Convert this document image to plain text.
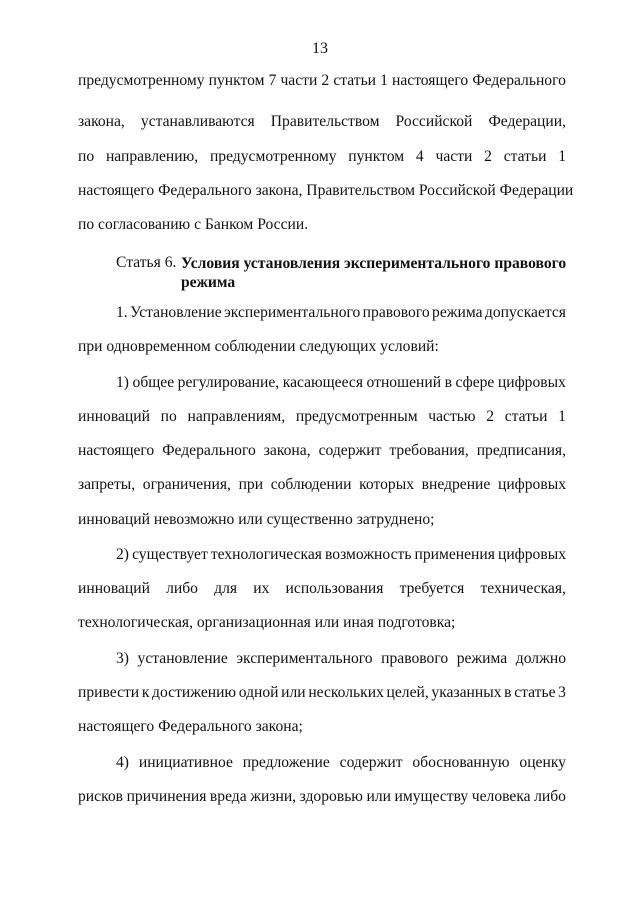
13
предусмотренному пунктом 7 части 2 статьи 1 настоящего Федерального
закона, устанавливаются Правительством Российской Федерации,
по направлению, предусмотренному пунктом 4 части 2 статьи 1
настоящего Федерального закона, Правительством Российской Федерации
по согласованию с Банком России.
Статья 6. Условия установления экспериментального правового режима
1. Установление экспериментального правового режима допускается
при одновременном соблюдении следующих условий:
1) общее регулирование, касающееся отношений в сфере цифровых
инноваций по направлениям, предусмотренным частью 2 статьи 1
настоящего Федерального закона, содержит требования, предписания,
запреты, ограничения, при соблюдении которых внедрение цифровых
инноваций невозможно или существенно затруднено;
2) существует технологическая возможность применения цифровых
инноваций либо для их использования требуется техническая,
технологическая, организационная или иная подготовка;
3) установление экспериментального правового режима должно
привести к достижению одной или нескольких целей, указанных в статье 3
настоящего Федерального закона;
4) инициативное предложение содержит обоснованную оценку
рисков причинения вреда жизни, здоровью или имуществу человека либо
